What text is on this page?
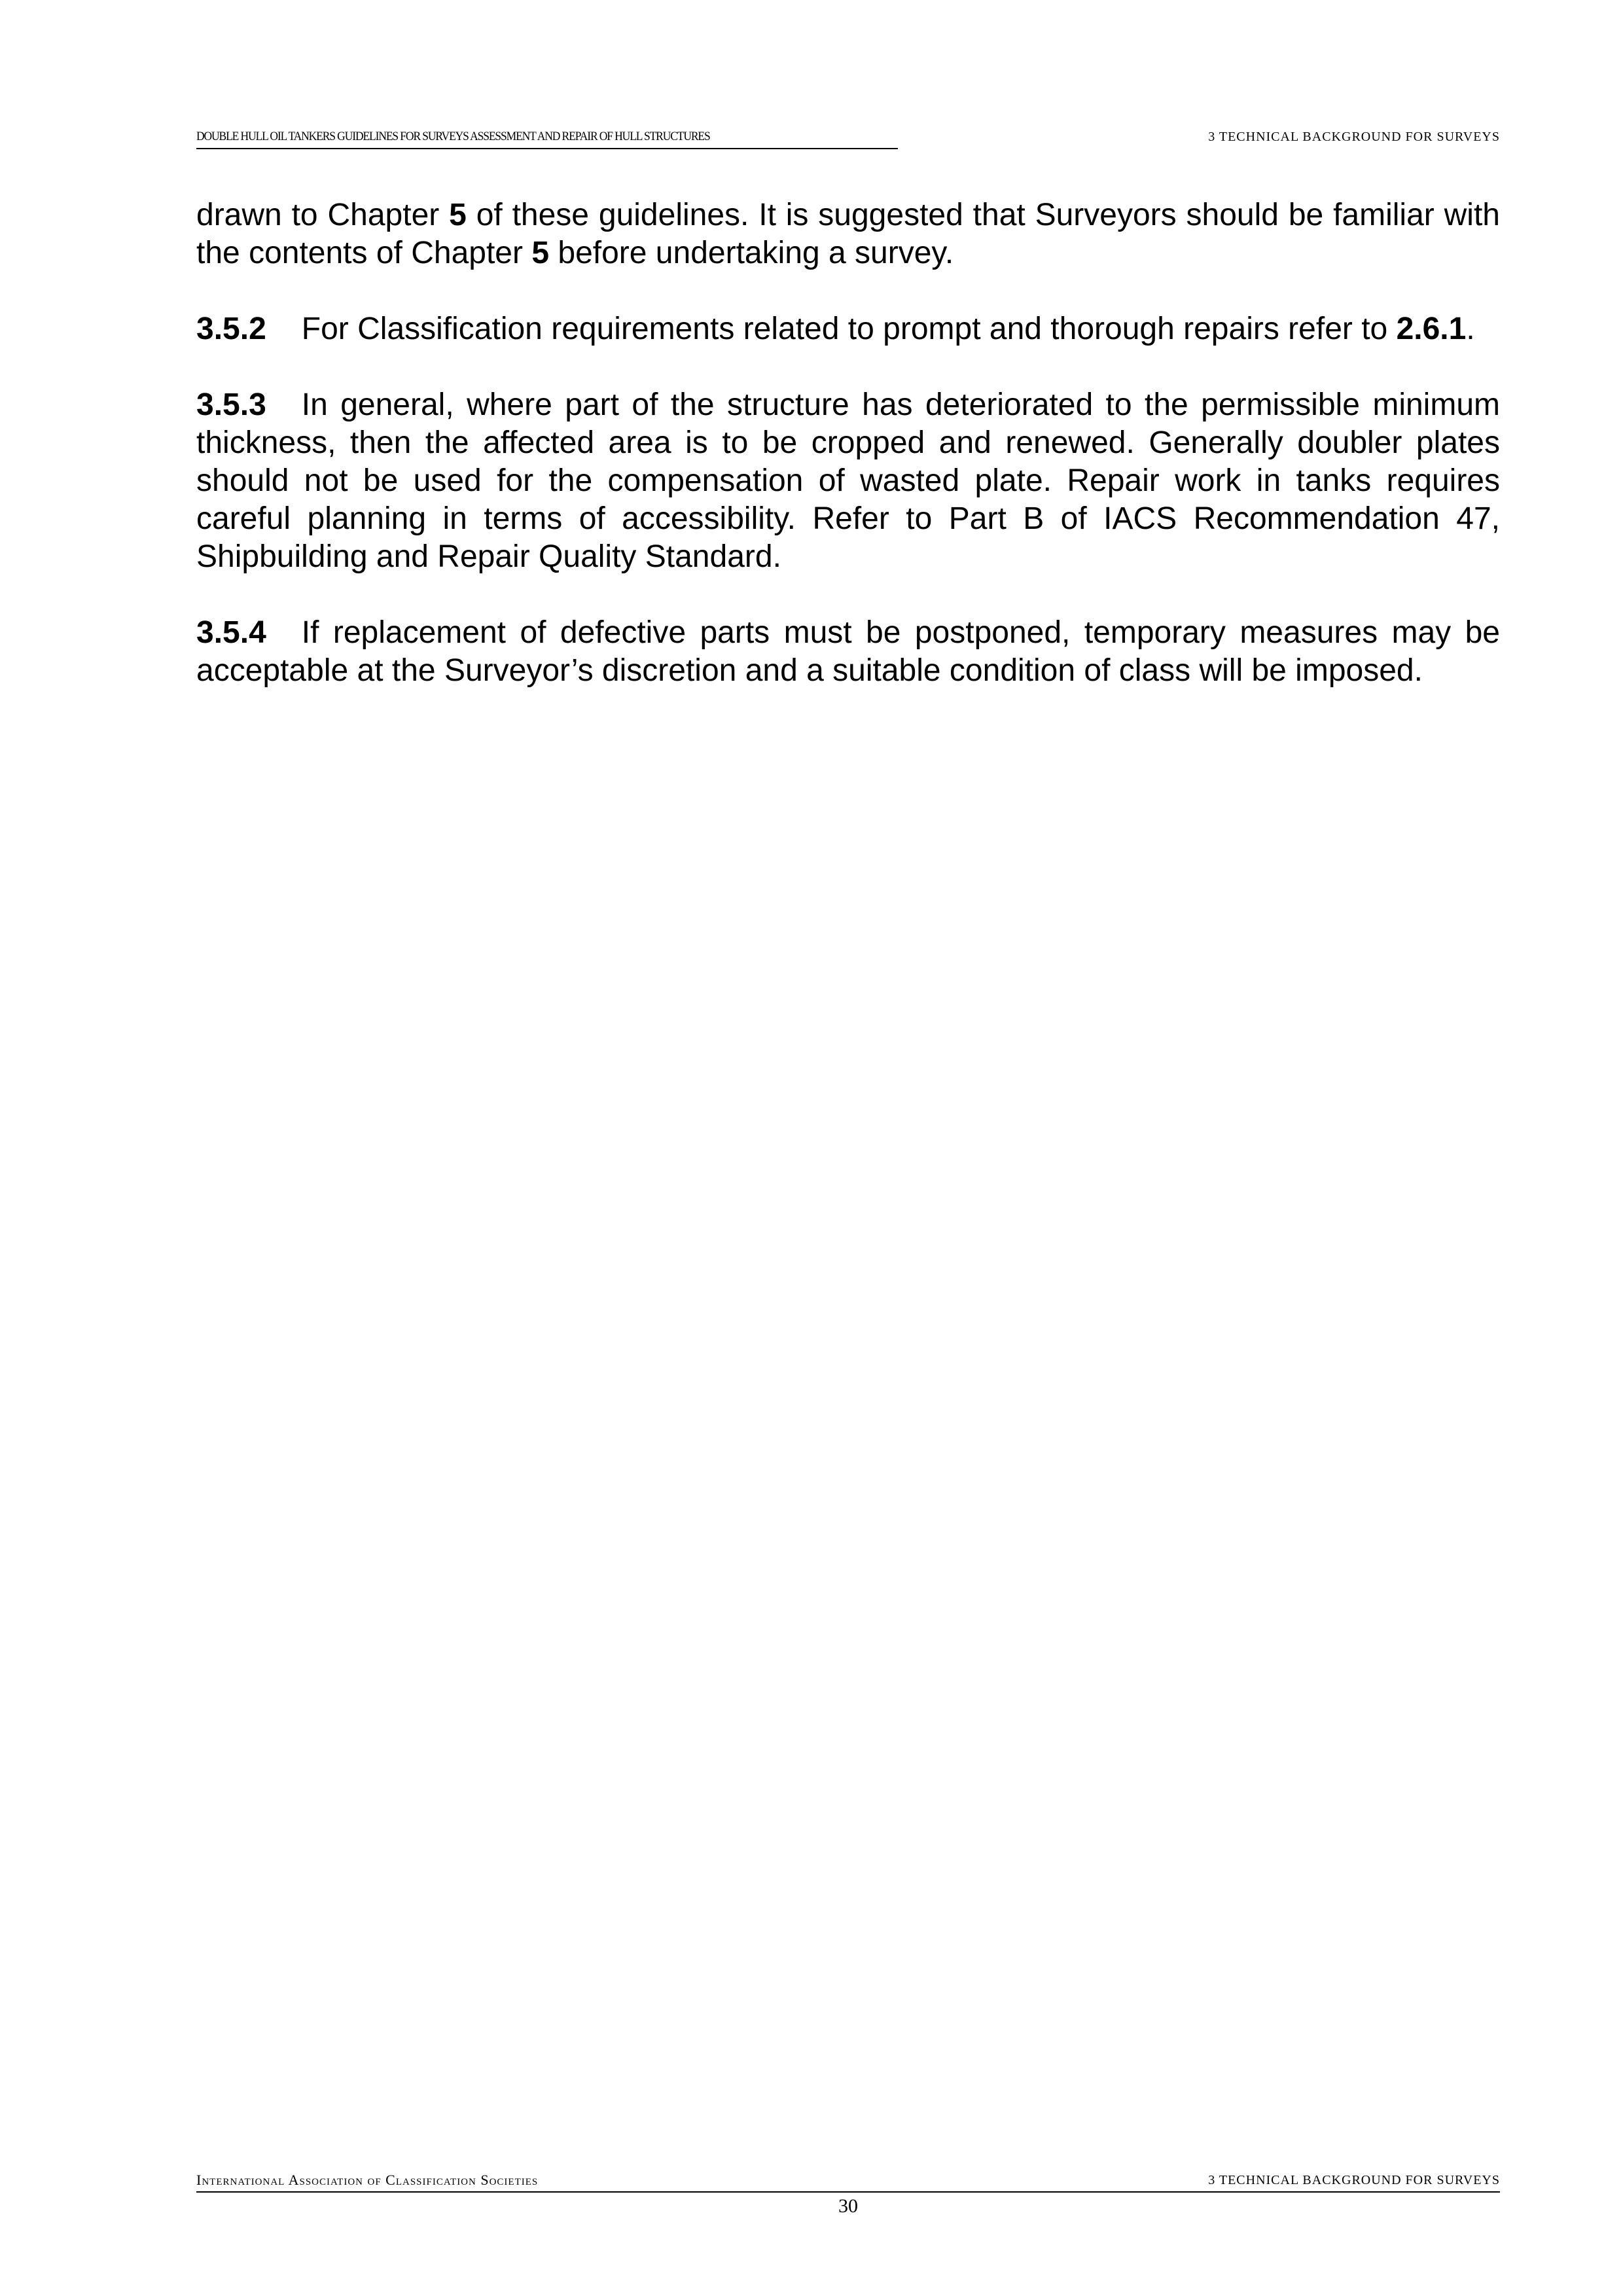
DOUBLE HULL OIL TANKERS GUIDELINES FOR SURVEYS ASSESSMENT AND REPAIR OF HULL STRUCTURES	3 TECHNICAL BACKGROUND FOR SURVEYS

drawn to Chapter 5 of these guidelines. It is suggested that Surveyors should be familiar with the contents of Chapter 5 before undertaking a survey.

3.5.2 For Classification requirements related to prompt and thorough repairs refer to 2.6.1.

3.5.3 In general, where part of the structure has deteriorated to the permissible minimum thickness, then the affected area is to be cropped and renewed. Generally doubler plates should not be used for the compensation of wasted plate. Repair work in tanks requires careful planning in terms of accessibility. Refer to Part B of IACS Recommendation 47, Shipbuilding and Repair Quality Standard.

3.5.4 If replacement of defective parts must be postponed, temporary measures may be acceptable at the Surveyor’s discretion and a suitable condition of class will be imposed.

International Association of Classification Societies	3 TECHNICAL BACKGROUND FOR SURVEYS
30
